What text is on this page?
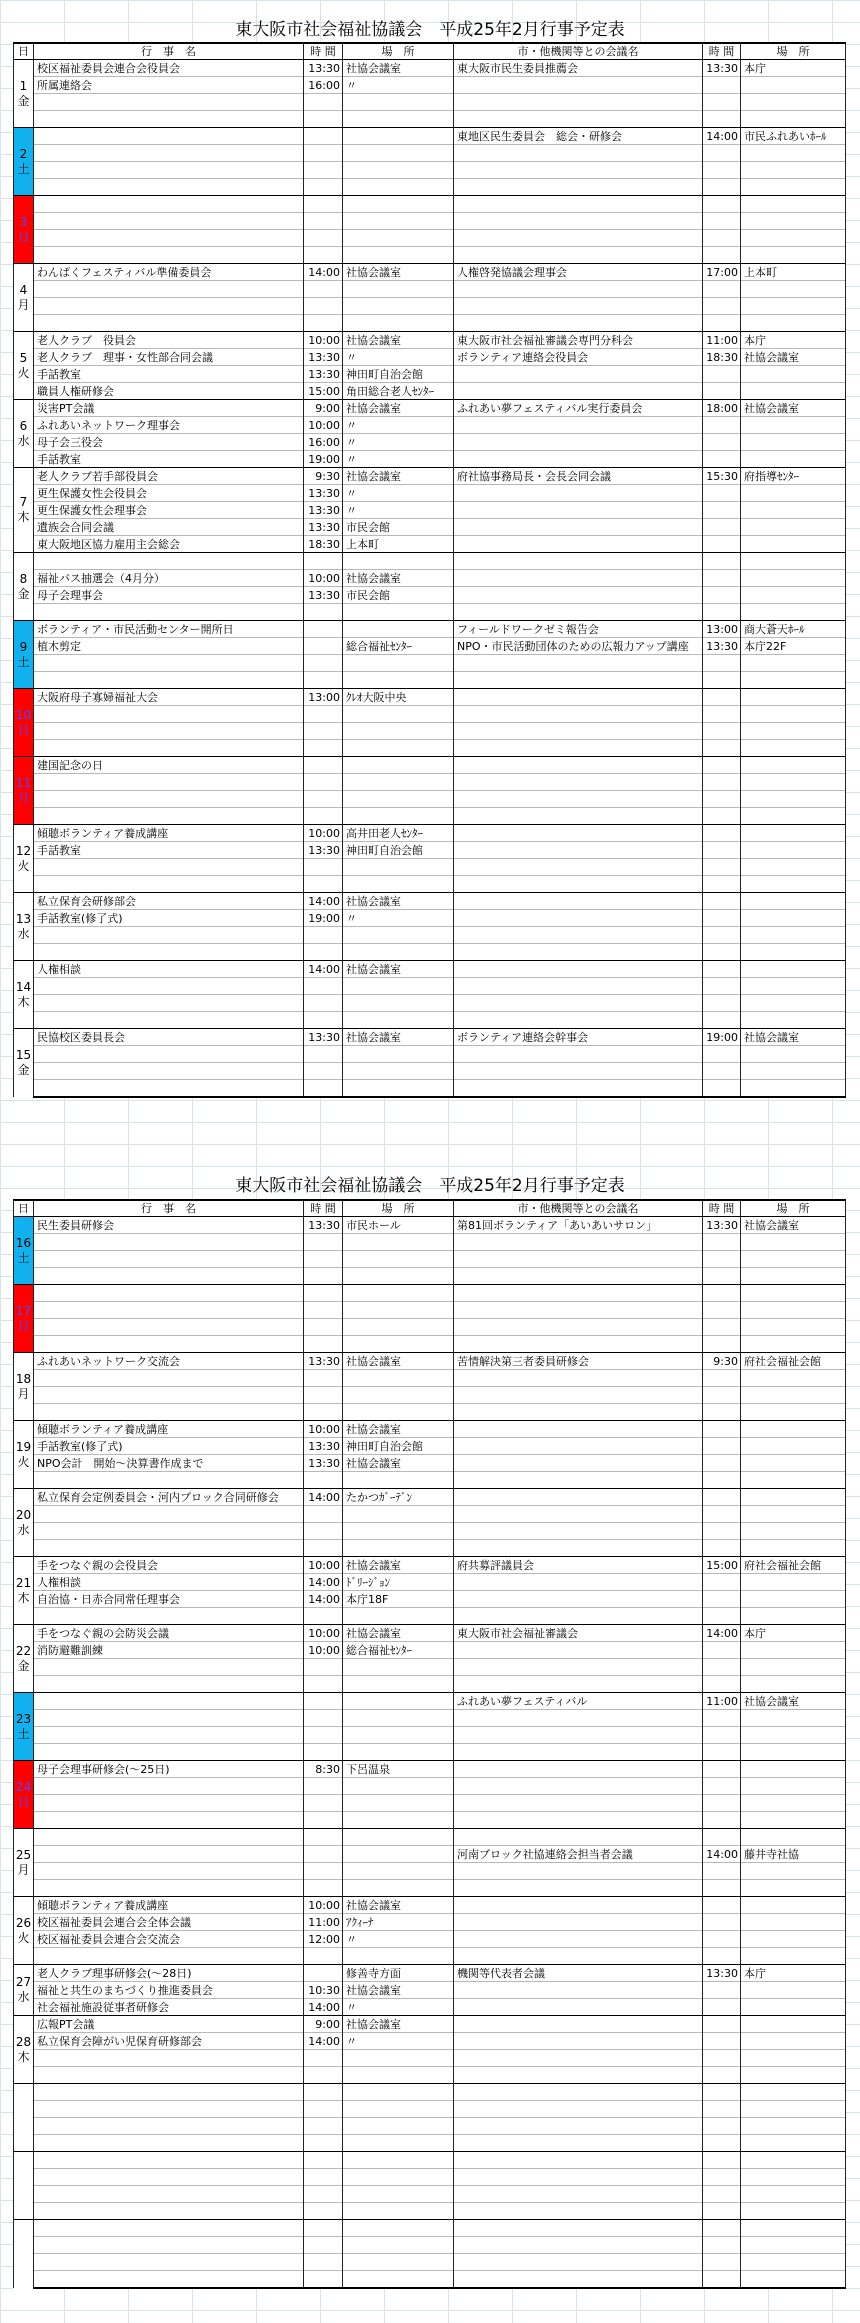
東大阪市社会福祉協議会　平成25年2月行事予定表
日	行　事　名	時 間	場　所	市・他機関等との会議名	時 間	場　所

1
金	校区福祉委員会連合会役員会	13:30	社協会議室	東大阪市民生委員推薦会	13:30	本庁
	所属連絡会	16:00	〃			

2
土				東地区民生委員会　総会・研修会	14:00	市民ふれあいﾎｰﾙ

3
日						

4
月	わんぱくフェスティバル準備委員会	14:00	社協会議室	人権啓発協議会理事会	17:00	上本町

5
火	老人クラブ　役員会	10:00	社協会議室	東大阪市社会福祉審議会専門分科会	11:00	本庁
	老人クラブ　理事・女性部合同会議	13:30	〃	ボランティア連絡会役員会	18:30	社協会議室
	手話教室	13:30	神田町自治会館			
	職員人権研修会	15:00	角田総合老人ｾﾝﾀｰ			

6
水	災害PT会議	9:00	社協会議室	ふれあい夢フェスティバル実行委員会	18:00	社協会議室
	ふれあいネットワーク理事会	10:00	〃			
	母子会三役会	16:00	〃			
	手話教室	19:00	〃			

7
木	老人クラブ若手部役員会	9:30	社協会議室	府社協事務局長・会長会同会議	15:30	府指導ｾﾝﾀｰ
	更生保護女性会役員会	13:30	〃			
	更生保護女性会理事会	13:30	〃			
	遺族会合同会議	13:30	市民会館			
	東大阪地区協力雇用主会総会	18:30	上本町			

8
金						

	福祉バス抽選会（4月分）	10:00	社協会議室			
	母子会理事会	13:30	市民会館			

9
土	ボランティア・市民活動センター開所日			フィールドワークゼミ報告会	13:00	商大蒼天ﾎｰﾙ
	植木剪定		総合福祉ｾﾝﾀｰ	NPO・市民活動団体のための広報力アップ講座	13:30	本庁22F

10
日	大阪府母子寡婦福祉大会	13:00	ｸﾚｵ大阪中央			

11
月	建国記念の日					

12
火	傾聴ボランティア養成講座	10:00	高井田老人ｾﾝﾀｰ			
	手話教室	13:30	神田町自治会館			

13
水	私立保育会研修部会	14:00	社協会議室			
	手話教室(修了式)	19:00	〃			

14
木	人権相談	14:00	社協会議室			

15
金	民協校区委員長会	13:30	社協会議室	ボランティア連絡会幹事会	19:00	社協会議室

東大阪市社会福祉協議会　平成25年2月行事予定表
日	行　事　名	時 間	場　所	市・他機関等との会議名	時 間	場　所

16
土	民生委員研修会	13:30	市民ホール	第81回ボランティア「あいあいサロン」	13:30	社協会議室

17
日						

18
月	ふれあいネットワーク交流会	13:30	社協会議室	苦情解決第三者委員研修会	9:30	府社会福祉会館

19
火	傾聴ボランティア養成講座	10:00	社協会議室			
	手話教室(修了式)	13:30	神田町自治会館			
	NPO会計　開始～決算書作成まで	13:30	社協会議室			

20
水	私立保育会定例委員会・河内ブロック合同研修会	14:00	たかつｶﾞｰﾃﾞﾝ			

21
木	手をつなぐ親の会役員会	10:00	社協会議室	府共募評議員会	15:00	府社会福祉会館
	人権相談	14:00	ﾄﾞﾘｰｼﾞｮﾝ			
	自治協・日赤合同常任理事会	14:00	本庁18F			

22
金	手をつなぐ親の会防災会議	10:00	社協会議室	東大阪市社会福祉審議会	14:00	本庁
	消防避難訓練	10:00	総合福祉ｾﾝﾀｰ			

23
土				ふれあい夢フェスティバル	11:00	社協会議室

24
日	母子会理事研修会(～25日)	8:30	下呂温泉			

25
月						

				河南ブロック社協連絡会担当者会議	14:00	藤井寺社協

26
火	傾聴ボランティア養成講座	10:00	社協会議室			
	校区福祉委員会連合会全体会議	11:00	ｱｸｨｰﾅ			
	校区福祉委員会連合会交流会	12:00	〃			

27
水	老人クラブ理事研修会(～28日)		修善寺方面	機関等代表者会議	13:30	本庁
	福祉と共生のまちづくり推進委員会	10:30	社協会議室			
	社会福祉施設従事者研修会	14:00	〃			

28
木	広報PT会議	9:00	社協会議室			
	私立保育会障がい児保育研修部会	14:00	〃			
